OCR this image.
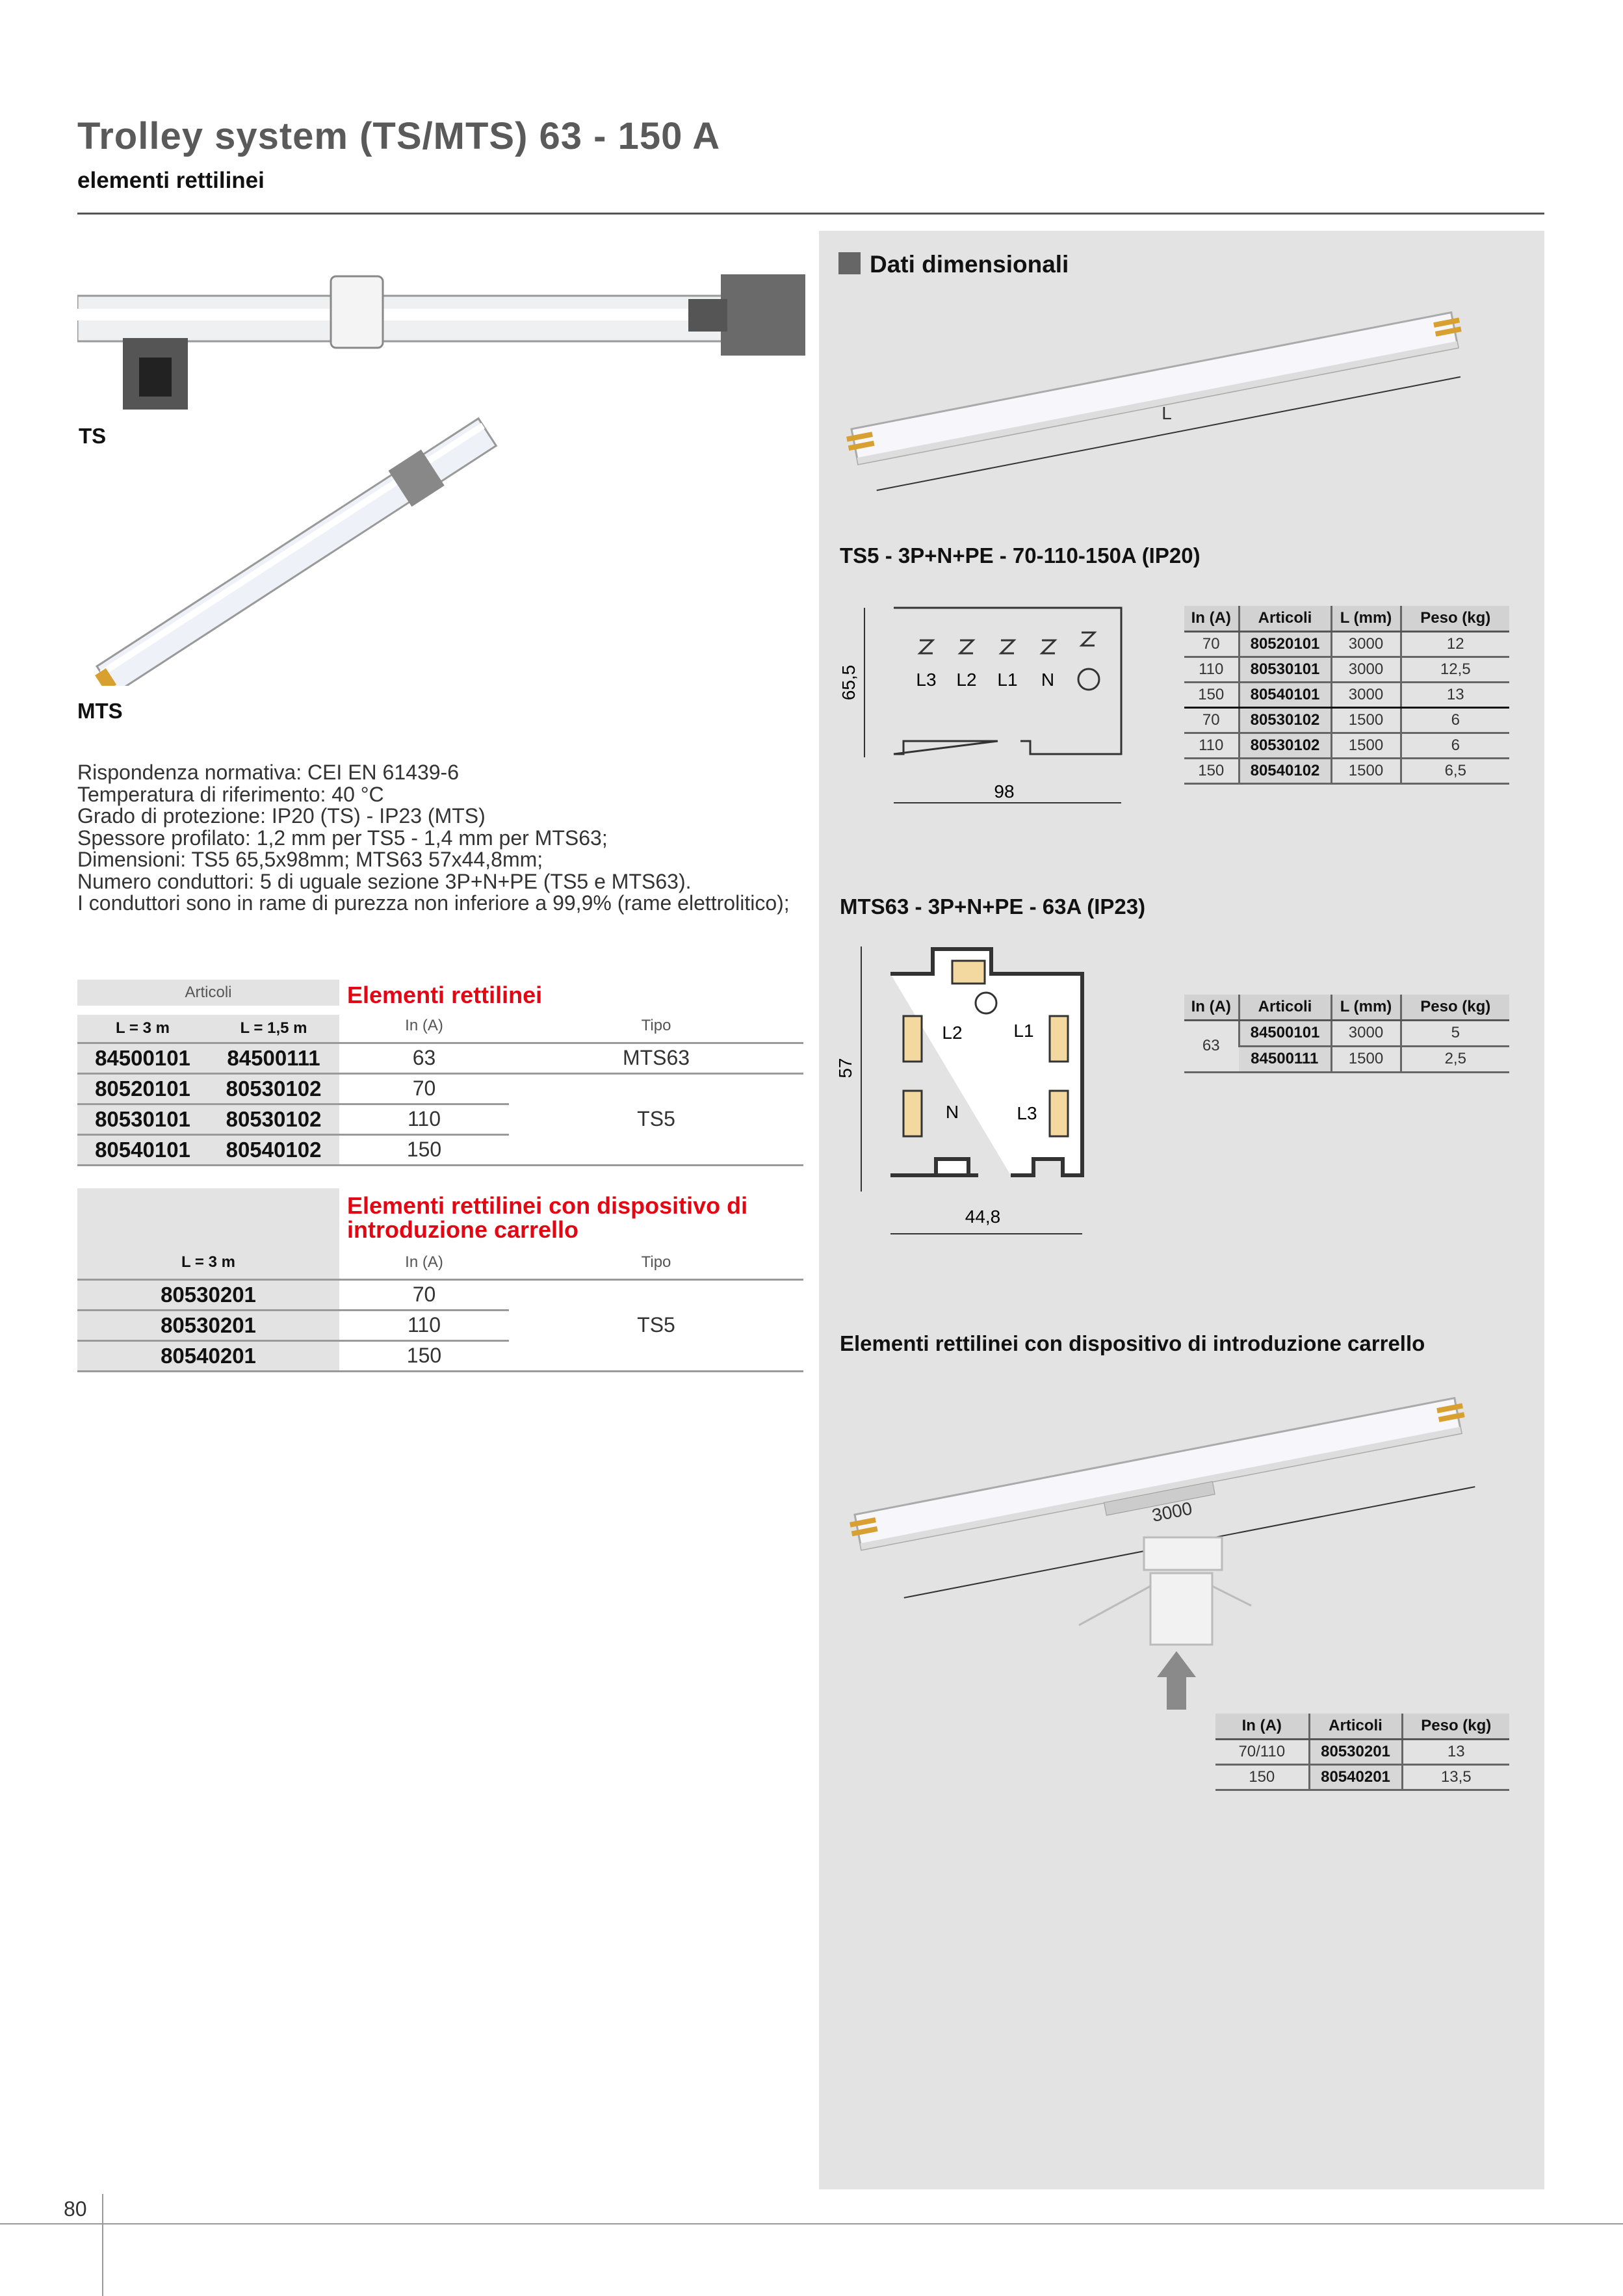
Trolley system (TS/MTS) 63 - 150 A
elementi rettilinei
TS
MTS
Rispondenza normativa: CEI EN 61439-6
Temperatura di riferimento: 40 °C
Grado di protezione: IP20 (TS) - IP23 (MTS)
Spessore profilato: 1,2 mm per TS5 - 1,4 mm per MTS63;
Dimensioni: TS5 65,5x98mm; MTS63 57x44,8mm;
Numero conduttori: 5 di uguale sezione 3P+N+PE (TS5 e MTS63).
I conduttori sono in rame di purezza non inferiore a 99,9% (rame elettrolitico);
Articoli		Elementi rettilinei	
L = 3 m	L = 1,5 m	In (A)	Tipo
84500101	84500111	63	MTS63
80520101	80530102	70	TS5
80530101	80530102	110	
80540101	80540102	150	
	Elementi rettilinei con dispositivo di introduzione carrello	
L = 3 m	In (A)	Tipo
80530201	70	TS5
80530201	110	
80540201	150	
Dati dimensionali
L
TS5 - 3P+N+PE - 70-110-150A (IP20)
L3 L2 L1 N
65,5
98
In (A)	Articoli	L (mm)	Peso (kg)
70	80520101	3000	12
110	80530101	3000	12,5
150	80540101	3000	13
70	80530102	1500	6
110	80530102	1500	6
150	80540102	1500	6,5
MTS63 - 3P+N+PE - 63A (IP23)
L2	L1
N	L3
57
44,8
In (A)	Articoli	L (mm)	Peso (kg)
63	84500101	3000	5
	84500111	1500	2,5
Elementi rettilinei con dispositivo di introduzione carrello
3000
In (A)	Articoli	Peso (kg)
70/110	80530201	13
150	80540201	13,5
80
